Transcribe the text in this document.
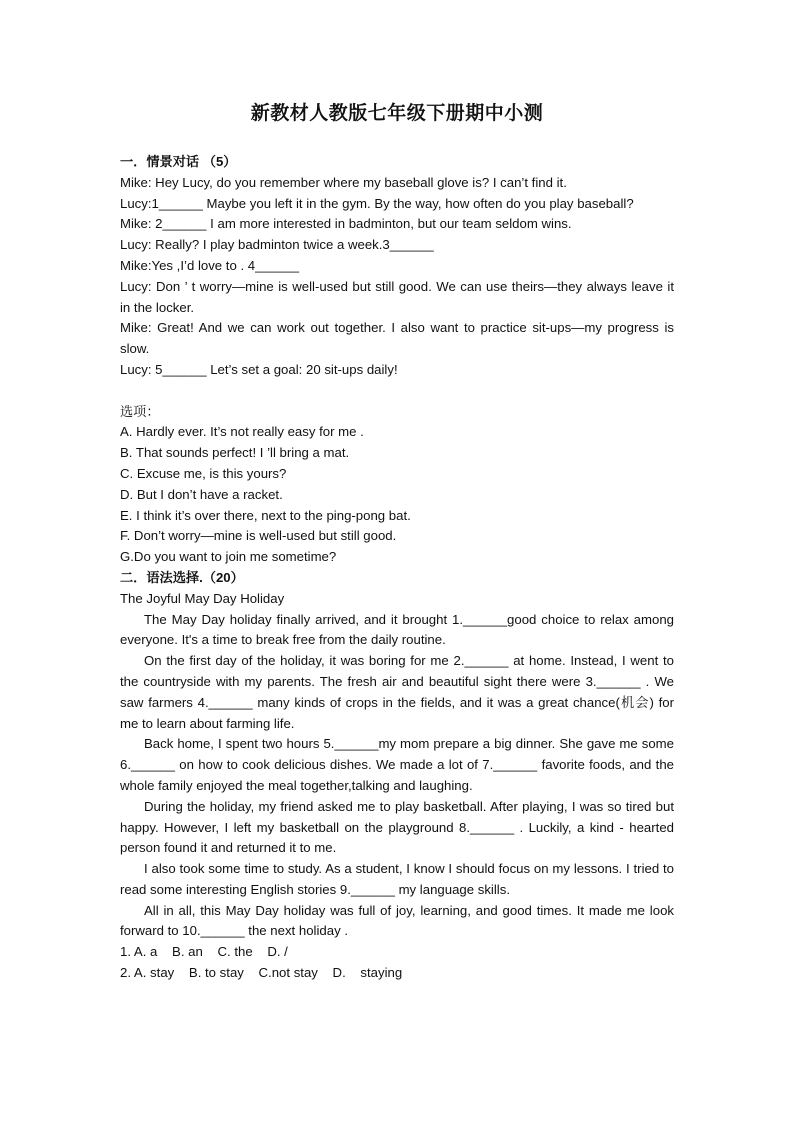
新教材人教版七年级下册期中小测

一．情景对话 （5）

Mike: Hey Lucy, do you remember where my baseball glove is? I can’t find it.

Lucy:1______ Maybe you left it in the gym. By the way, how often do you play baseball?

Mike: 2______ I am more interested in badminton, but our team seldom wins.

Lucy: Really? I play badminton twice a week.3______

Mike:Yes ,I’d love to . 4______

Lucy: Don ’ t worry—mine is well-used but still good. We can use theirs—they always leave it in the locker.

Mike: Great! And we can work out together. I also want to practice sit-ups—my progress is slow.

Lucy: 5______ Let’s set a goal: 20 sit-ups daily!

选项：

A. Hardly ever. It’s not really easy for me .

B. That sounds perfect! I ’ll bring a mat.

C. Excuse me, is this yours?

D. But I don’t have a racket.

E. I think it’s over there, next to the ping-pong bat.

F. Don’t worry—mine is well-used but still good.

G.Do you want to join me sometime?

二．语法选择.（20）

The Joyful May Day Holiday

The May Day holiday finally arrived, and it brought 1.______good choice to relax among everyone. It's a time to break free from the daily routine.

On the first day of the holiday, it was boring for me 2.______ at home. Instead, I went to the countryside with my parents. The fresh air and beautiful sight there were 3.______ . We saw farmers 4.______ many kinds of crops in the fields, and it was a great chance(机会) for me to learn about farming life.

Back home, I spent two hours 5.______my mom prepare a big dinner. She gave me some 6.______ on how to cook delicious dishes. We made a lot of 7.______ favorite foods, and the whole family enjoyed the meal together,talking and laughing.

During the holiday, my friend asked me to play basketball. After playing, I was so tired but happy. However, I left my basketball on the playground 8.______ . Luckily, a kind - hearted person found it and returned it to me.

I also took some time to study. As a student, I know I should focus on my lessons. I tried to read some interesting English stories 9.______ my language skills.

All in all, this May Day holiday was full of joy, learning, and good times. It made me look forward to 10.______ the next holiday .

1. A. a    B. an    C. the    D. /

2. A. stay    B. to stay    C.not stay    D.    staying
